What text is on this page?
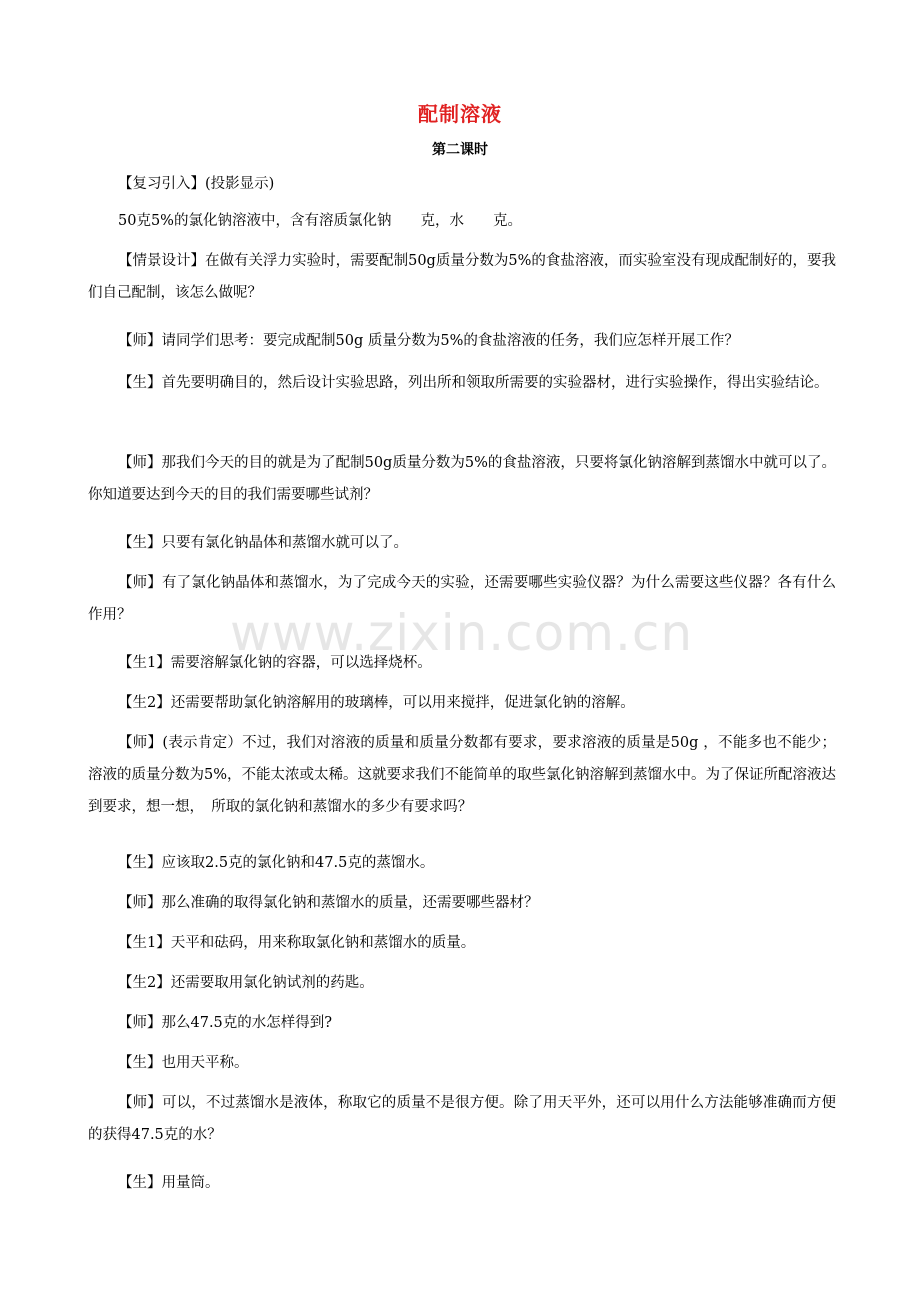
配制溶液
第二课时

【复习引入】(投影显示)

50克5%的氯化钠溶液中，含有溶质氯化钠　　克，水　　克。

【情景设计】在做有关浮力实验时，需要配制50g质量分数为5%的食盐溶液，而实验室没有现成配制好的，要我们自己配制，该怎么做呢？

【师】请同学们思考：要完成配制50g 质量分数为5%的食盐溶液的任务，我们应怎样开展工作？

【生】首先要明确目的，然后设计实验思路，列出所和领取所需要的实验器材，进行实验操作，得出实验结论。

【师】那我们今天的目的就是为了配制50g质量分数为5%的食盐溶液，只要将氯化钠溶解到蒸馏水中就可以了。你知道要达到今天的目的我们需要哪些试剂？

【生】只要有氯化钠晶体和蒸馏水就可以了。

【师】有了氯化钠晶体和蒸馏水，为了完成今天的实验，还需要哪些实验仪器？为什么需要这些仪器？各有什么作用？

【生1】需要溶解氯化钠的容器，可以选择烧杯。

【生2】还需要帮助氯化钠溶解用的玻璃棒，可以用来搅拌，促进氯化钠的溶解。

【师】(表示肯定）不过，我们对溶液的质量和质量分数都有要求，要求溶液的质量是50g ，不能多也不能少；溶液的质量分数为5%，不能太浓或太稀。这就要求我们不能简单的取些氯化钠溶解到蒸馏水中。为了保证所配溶液达到要求，想一想，　所取的氯化钠和蒸馏水的多少有要求吗？

【生】应该取2.5克的氯化钠和47.5克的蒸馏水。

【师】那么准确的取得氯化钠和蒸馏水的质量，还需要哪些器材？

【生1】天平和砝码，用来称取氯化钠和蒸馏水的质量。

【生2】还需要取用氯化钠试剂的药匙。

【师】那么47.5克的水怎样得到?

【生】也用天平称。

【师】可以，不过蒸馏水是液体，称取它的质量不是很方便。除了用天平外，还可以用什么方法能够准确而方便的获得47.5克的水？

【生】用量筒。

www.zixin.com.cn
